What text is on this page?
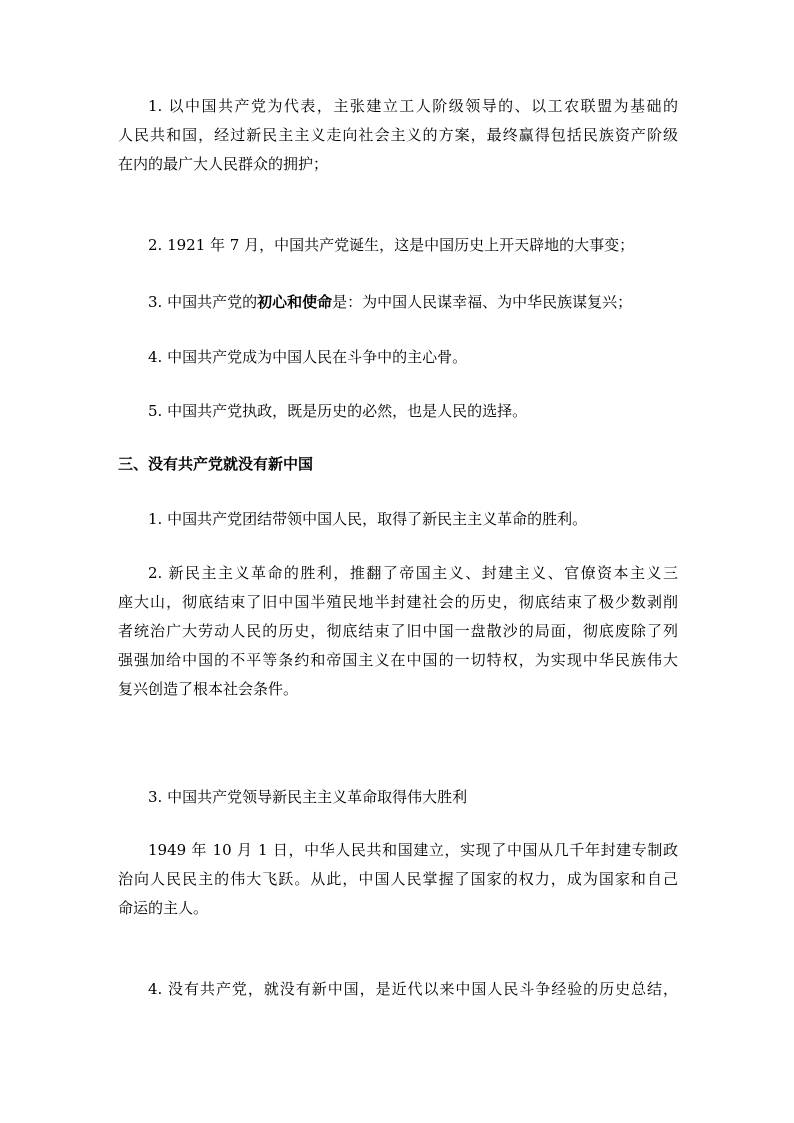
1. 以中国共产党为代表，主张建立工人阶级领导的、以工农联盟为基础的
人民共和国，经过新民主主义走向社会主义的方案，最终赢得包括民族资产阶级
在内的最广大人民群众的拥护；
2. 1921 年 7 月，中国共产党诞生，这是中国历史上开天辟地的大事变；
3. 中国共产党的初心和使命是：为中国人民谋幸福、为中华民族谋复兴；
4. 中国共产党成为中国人民在斗争中的主心骨。
5. 中国共产党执政，既是历史的必然，也是人民的选择。
三、没有共产党就没有新中国
1. 中国共产党团结带领中国人民，取得了新民主主义革命的胜利。
2. 新民主主义革命的胜利，推翻了帝国主义、封建主义、官僚资本主义三
座大山，彻底结束了旧中国半殖民地半封建社会的历史，彻底结束了极少数剥削
者统治广大劳动人民的历史，彻底结束了旧中国一盘散沙的局面，彻底废除了列
强强加给中国的不平等条约和帝国主义在中国的一切特权，为实现中华民族伟大
复兴创造了根本社会条件。
3. 中国共产党领导新民主主义革命取得伟大胜利
1949 年 10 月 1 日，中华人民共和国建立，实现了中国从几千年封建专制政
治向人民民主的伟大飞跃。从此，中国人民掌握了国家的权力，成为国家和自己
命运的主人。
4. 没有共产党，就没有新中国，是近代以来中国人民斗争经验的历史总结，
